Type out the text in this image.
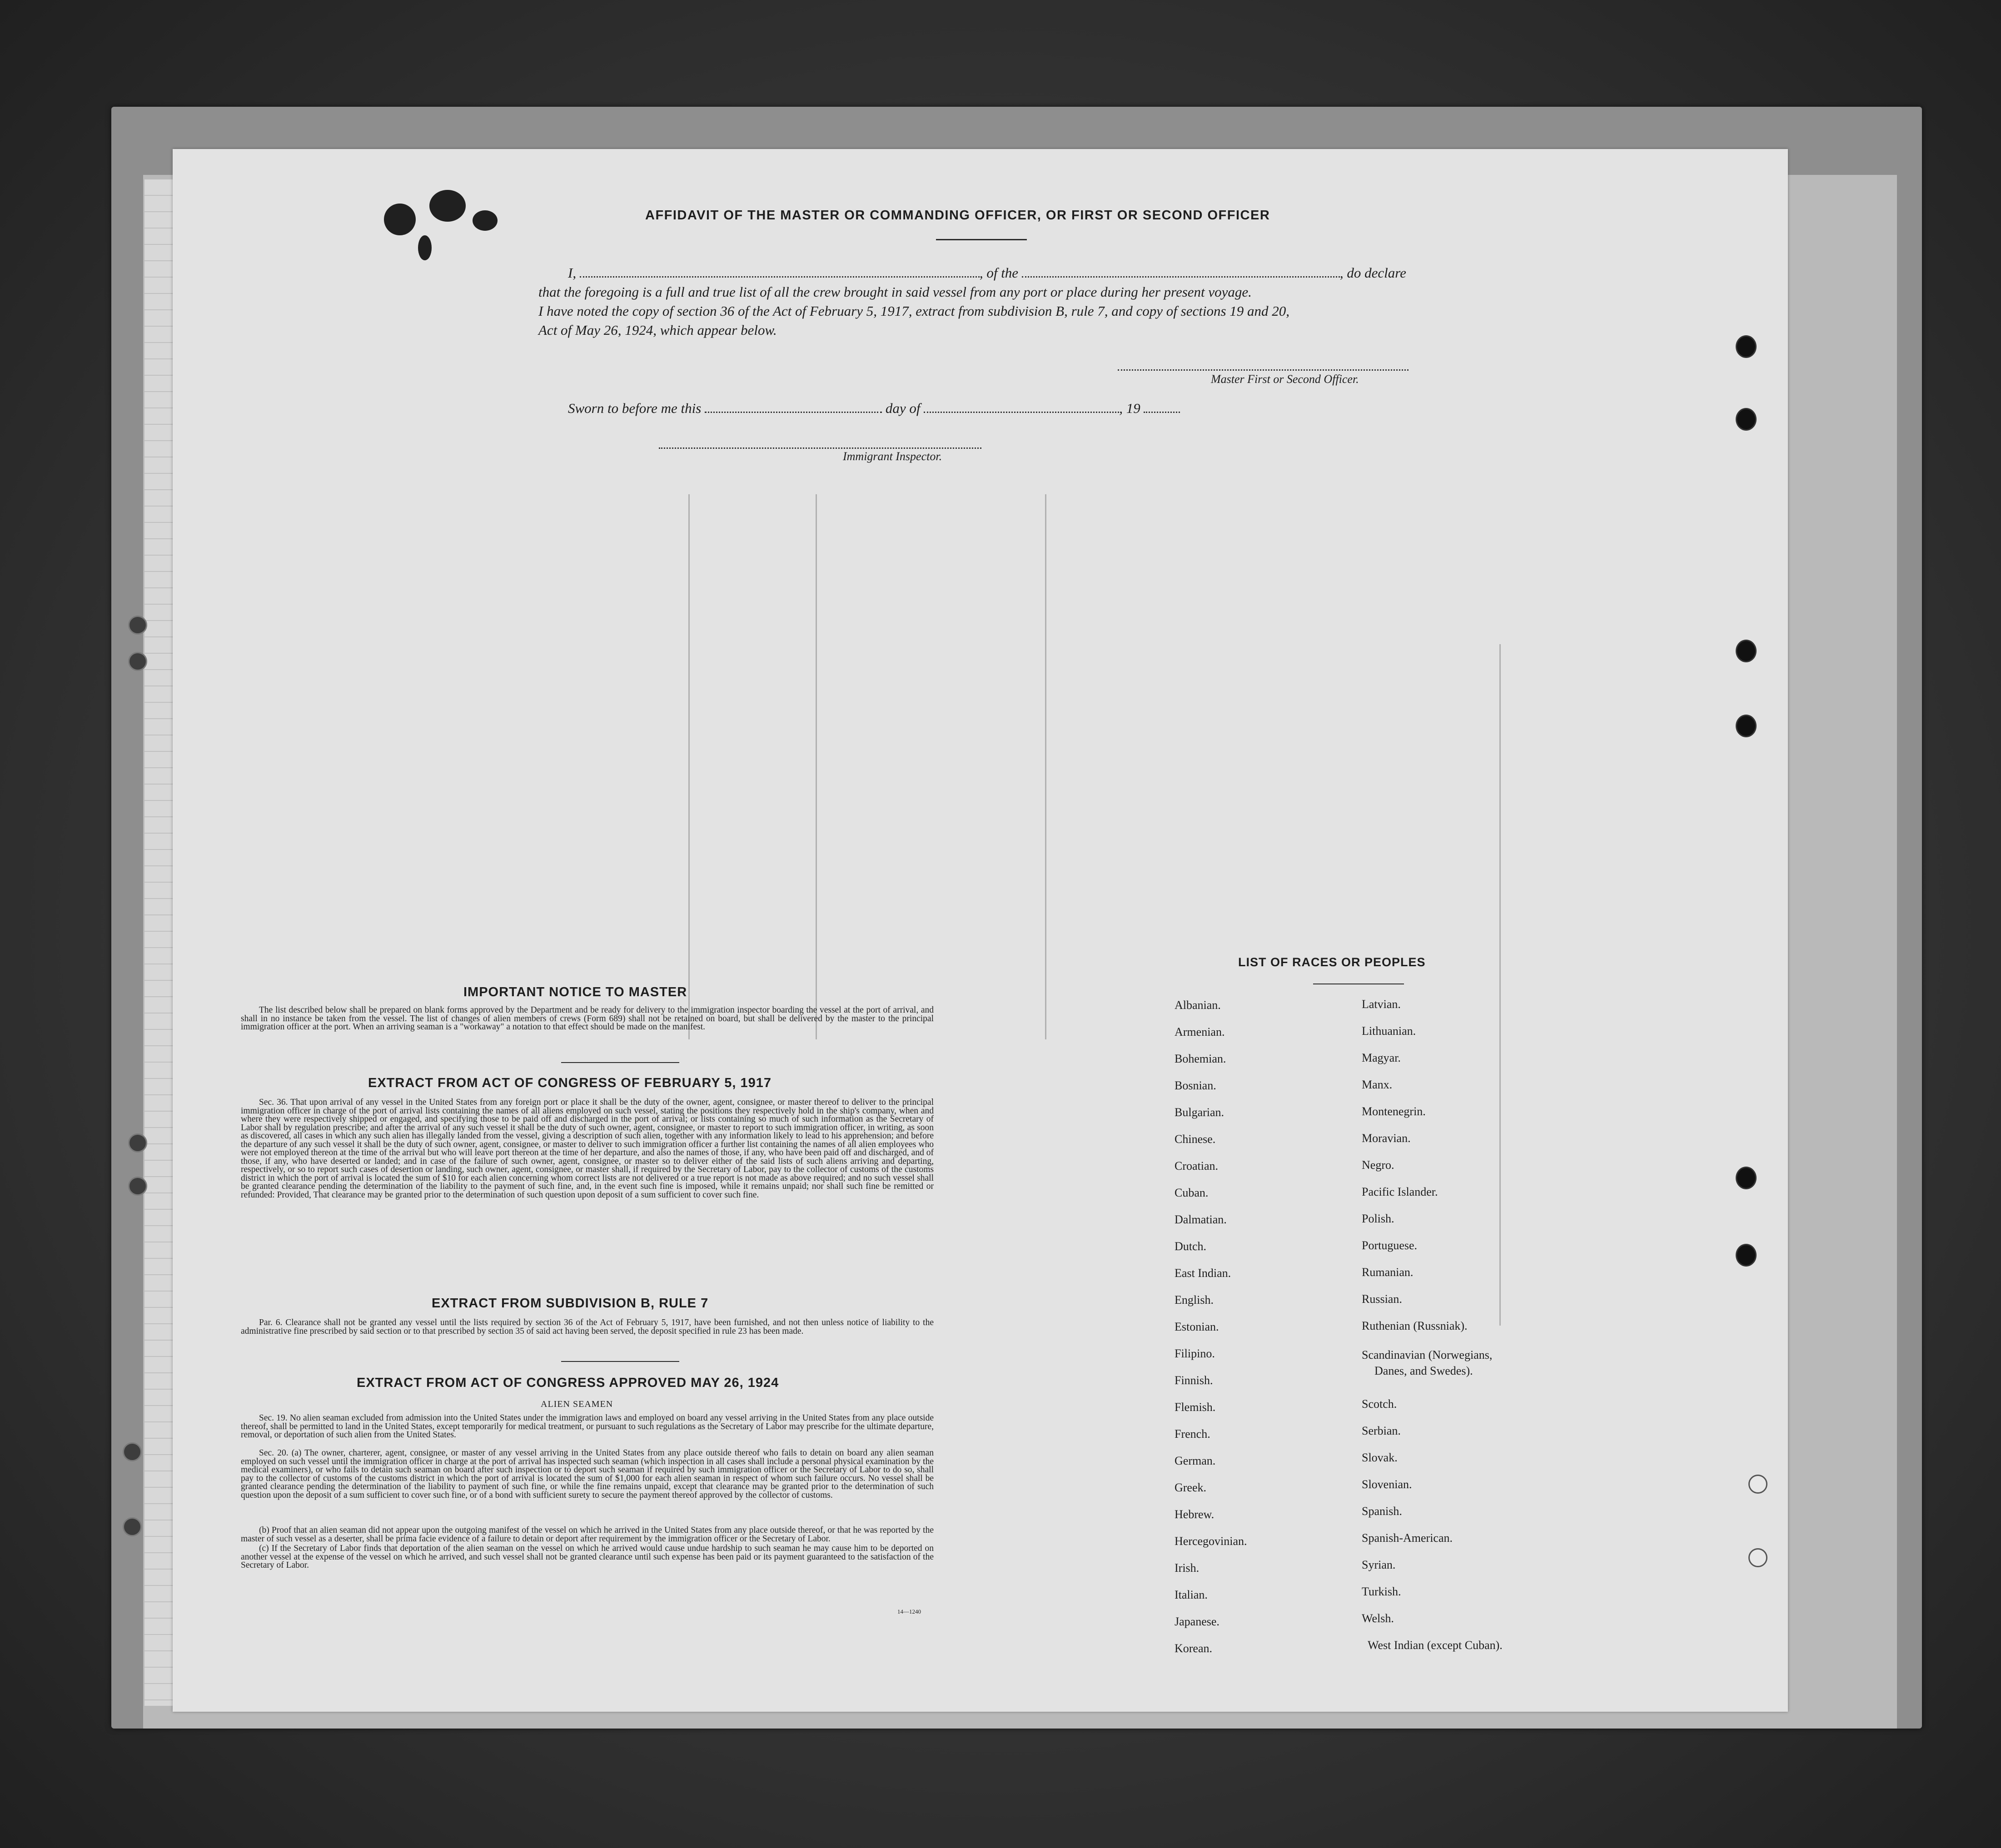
AFFIDAVIT OF THE MASTER OR COMMANDING OFFICER, OR FIRST OR SECOND OFFICER
I,	, of the	, do declare
that the foregoing is a full and true list of all the crew brought in said vessel from any port or place during her present voyage.
I have noted the copy of section 36 of the Act of February 5, 1917, extract from subdivision B, rule 7, and copy of sections 19 and 20,
Act of May 26, 1924, which appear below.
Master First or Second Officer.
Sworn to before me this	day of	, 19
Immigrant Inspector.
IMPORTANT NOTICE TO MASTER
The list described below shall be prepared on blank forms approved by the Department and be ready for delivery to the immigration inspector boarding the vessel at the port of arrival, and shall in no instance be taken from the vessel. The list of changes of alien members of crews (Form 689) shall not be retained on board, but shall be delivered by the master to the principal immigration officer at the port. When an arriving seaman is a "workaway" a notation to that effect should be made on the manifest.
EXTRACT FROM ACT OF CONGRESS OF FEBRUARY 5, 1917
Sec. 36. That upon arrival of any vessel in the United States from any foreign port or place it shall be the duty of the owner, agent, consignee, or master thereof to deliver to the principal immigration officer in charge of the port of arrival lists containing the names of all aliens employed on such vessel, stating the positions they respectively hold in the ship's company, when and where they were respectively shipped or engaged, and specifying those to be paid off and discharged in the port of arrival; or lists containing so much of such information as the Secretary of Labor shall by regulation prescribe; and after the arrival of any such vessel it shall be the duty of such owner, agent, consignee, or master to report to such immigration officer, in writing, as soon as discovered, all cases in which any such alien has illegally landed from the vessel, giving a description of such alien, together with any information likely to lead to his apprehension; and before the departure of any such vessel it shall be the duty of such owner, agent, consignee, or master to deliver to such immigration officer a further list containing the names of all alien employees who were not employed thereon at the time of the arrival but who will leave port thereon at the time of her departure, and also the names of those, if any, who have been paid off and discharged, and of those, if any, who have deserted or landed; and in case of the failure of such owner, agent, consignee, or master so to deliver either of the said lists of such aliens arriving and departing, respectively, or so to report such cases of desertion or landing, such owner, agent, consignee, or master shall, if required by the Secretary of Labor, pay to the collector of customs of the customs district in which the port of arrival is located the sum of $10 for each alien concerning whom correct lists are not delivered or a true report is not made as above required; and no such vessel shall be granted clearance pending the determination of the liability to the payment of such fine, and, in the event such fine is imposed, while it remains unpaid; nor shall such fine be remitted or refunded: Provided, That clearance may be granted prior to the determination of such question upon deposit of a sum sufficient to cover such fine.
EXTRACT FROM SUBDIVISION B, RULE 7
Par. 6. Clearance shall not be granted any vessel until the lists required by section 36 of the Act of February 5, 1917, have been furnished, and not then unless notice of liability to the administrative fine prescribed by said section or to that prescribed by section 35 of said act having been served, the deposit specified in rule 23 has been made.
EXTRACT FROM ACT OF CONGRESS APPROVED MAY 26, 1924
ALIEN SEAMEN
Sec. 19. No alien seaman excluded from admission into the United States under the immigration laws and employed on board any vessel arriving in the United States from any place outside thereof, shall be permitted to land in the United States, except temporarily for medical treatment, or pursuant to such regulations as the Secretary of Labor may prescribe for the ultimate departure, removal, or deportation of such alien from the United States.
Sec. 20. (a) The owner, charterer, agent, consignee, or master of any vessel arriving in the United States from any place outside thereof who fails to detain on board any alien seaman employed on such vessel until the immigration officer in charge at the port of arrival has inspected such seaman (which inspection in all cases shall include a personal physical examination by the medical examiners), or who fails to detain such seaman on board after such inspection or to deport such seaman if required by such immigration officer or the Secretary of Labor to do so, shall pay to the collector of customs of the customs district in which the port of arrival is located the sum of $1,000 for each alien seaman in respect of whom such failure occurs. No vessel shall be granted clearance pending the determination of the liability to payment of such fine, or while the fine remains unpaid, except that clearance may be granted prior to the determination of such question upon the deposit of a sum sufficient to cover such fine, or of a bond with sufficient surety to secure the payment thereof approved by the collector of customs.
(b) Proof that an alien seaman did not appear upon the outgoing manifest of the vessel on which he arrived in the United States from any place outside thereof, or that he was reported by the master of such vessel as a deserter, shall be prima facie evidence of a failure to detain or deport after requirement by the immigration officer or the Secretary of Labor.
(c) If the Secretary of Labor finds that deportation of the alien seaman on the vessel on which he arrived would cause undue hardship to such seaman he may cause him to be deported on another vessel at the expense of the vessel on which he arrived, and such vessel shall not be granted clearance until such expense has been paid or its payment guaranteed to the satisfaction of the Secretary of Labor.
14—1240
LIST OF RACES OR PEOPLES
Albanian.
Armenian.
Bohemian.
Bosnian.
Bulgarian.
Chinese.
Croatian.
Cuban.
Dalmatian.
Dutch.
East Indian.
English.
Estonian.
Filipino.
Finnish.
Flemish.
French.
German.
Greek.
Hebrew.
Hercegovinian.
Irish.
Italian.
Japanese.
Korean.
Latvian.
Lithuanian.
Magyar.
Manx.
Montenegrin.
Moravian.
Negro.
Pacific Islander.
Polish.
Portuguese.
Rumanian.
Russian.
Ruthenian (Russniak).
Scandinavian (Norwegians,
Danes, and Swedes).
Scotch.
Serbian.
Slovak.
Slovenian.
Spanish.
Spanish-American.
Syrian.
Turkish.
Welsh.
West Indian (except Cuban).
